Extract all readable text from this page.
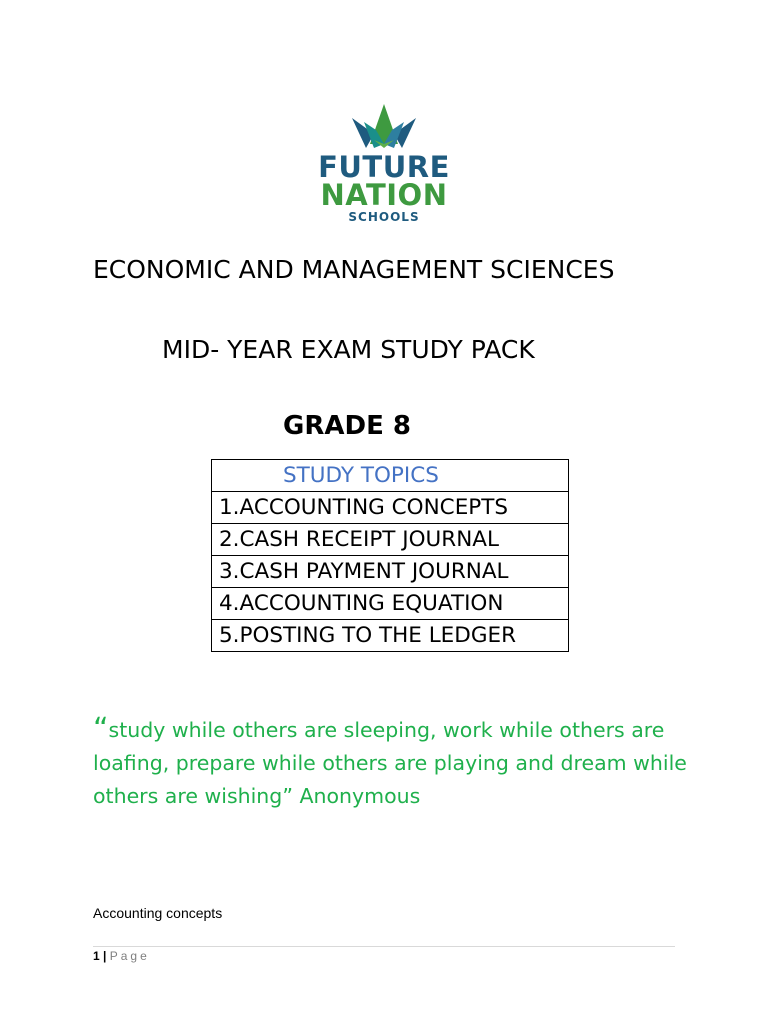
FUTURE
NATION
SCHOOLS
ECONOMIC AND MANAGEMENT SCIENCES
MID- YEAR EXAM STUDY PACK
GRADE 8
STUDY TOPICS
1.ACCOUNTING CONCEPTS
2.CASH RECEIPT JOURNAL
3.CASH PAYMENT JOURNAL
4.ACCOUNTING EQUATION
5.POSTING TO THE LEDGER
“study while others are sleeping, work while others are loafing, prepare while others are playing and dream while others are wishing” Anonymous
Accounting concepts
1 | Page
